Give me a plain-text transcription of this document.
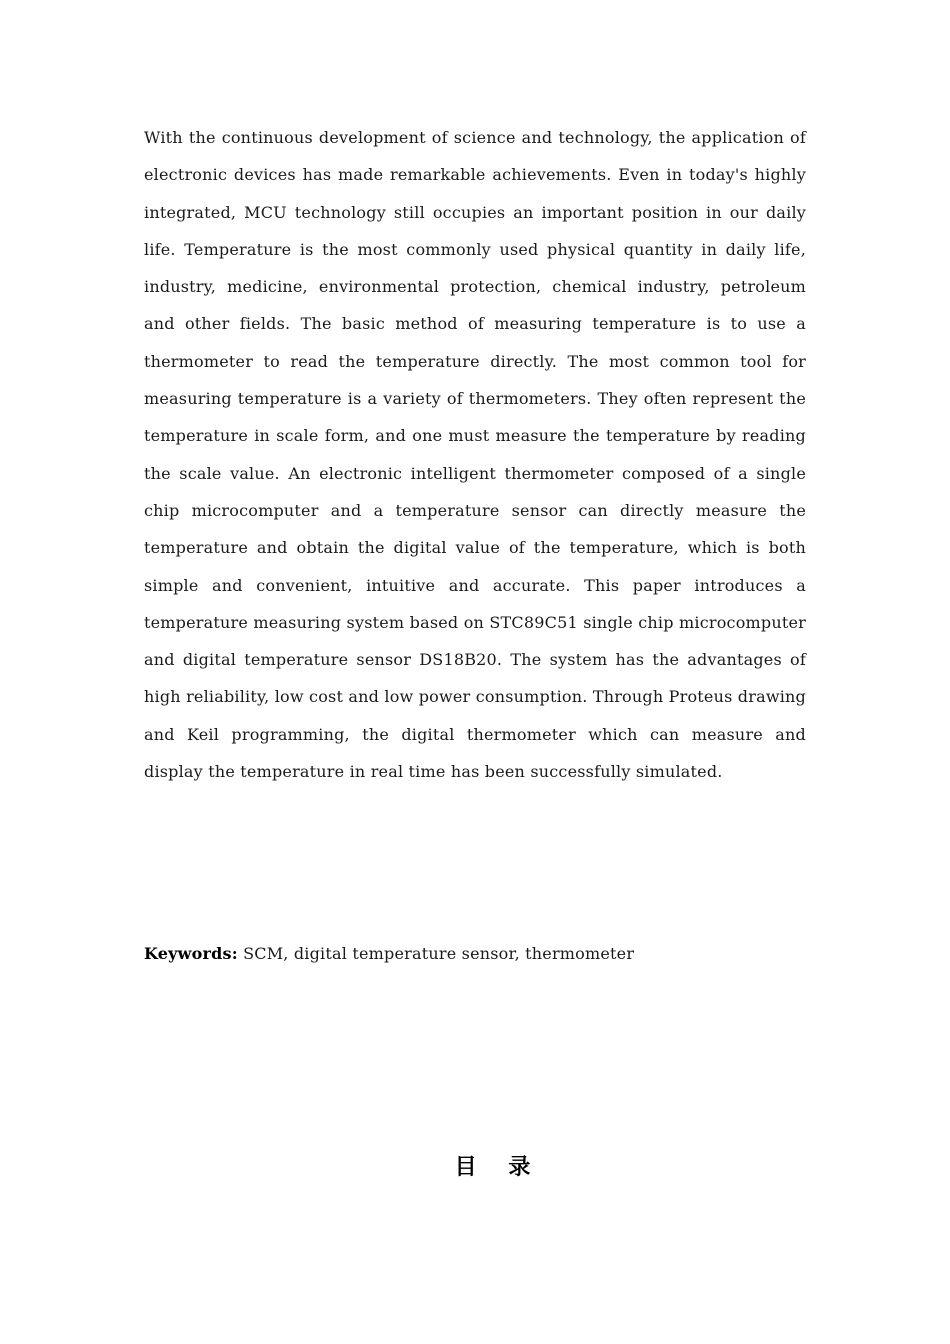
With the continuous development of science and technology, the application of electronic devices has made remarkable achievements. Even in today's highly integrated, MCU technology still occupies an important position in our daily life. Temperature is the most commonly used physical quantity in daily life, industry, medicine, environmental protection, chemical industry, petroleum and other fields. The basic method of measuring temperature is to use a thermometer to read the temperature directly. The most common tool for measuring temperature is a variety of thermometers. They often represent the temperature in scale form, and one must measure the temperature by reading the scale value. An electronic intelligent thermometer composed of a single chip microcomputer and a temperature sensor can directly measure the temperature and obtain the digital value of the temperature, which is both simple and convenient, intuitive and accurate. This paper introduces a temperature measuring system based on STC89C51 single chip microcomputer and digital temperature sensor DS18B20. The system has the advantages of high reliability, low cost and low power consumption. Through Proteus drawing and Keil programming, the digital thermometer which can measure and display the temperature in real time has been successfully simulated.

Keywords: SCM, digital temperature sensor, thermometer

目 录
